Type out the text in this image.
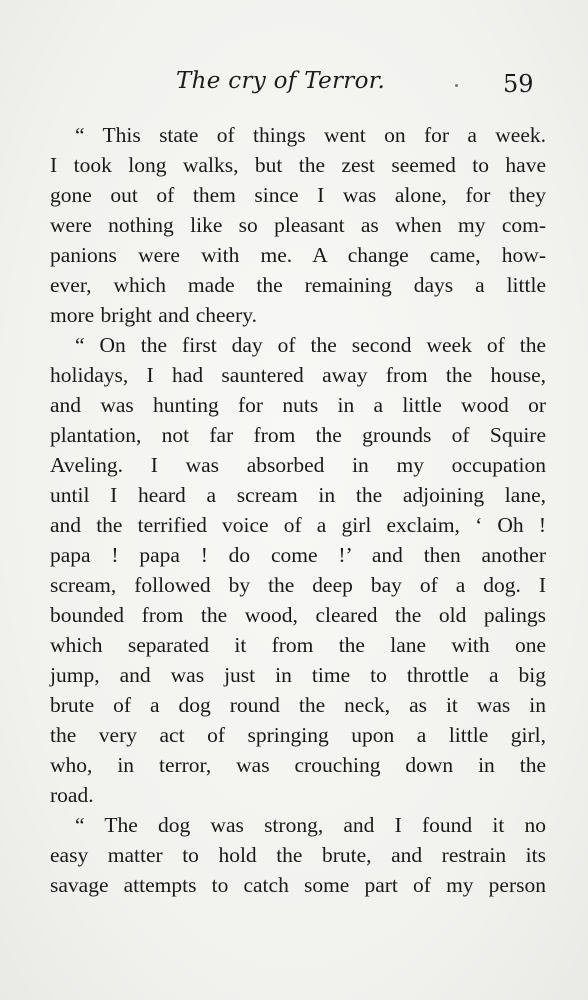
The cry of Terror.	59
“ This state of things went on for a week.
I took long walks, but the zest seemed to have
gone out of them since I was alone, for they
were nothing like so pleasant as when my com-
panions were with me. A change came, how-
ever, which made the remaining days a little
more bright and cheery.
“ On the first day of the second week of the
holidays, I had sauntered away from the house,
and was hunting for nuts in a little wood or
plantation, not far from the grounds of Squire
Aveling. I was absorbed in my occupation
until I heard a scream in the adjoining lane,
and the terrified voice of a girl exclaim, ‘ Oh !
papa ! papa ! do come !’ and then another
scream, followed by the deep bay of a dog. I
bounded from the wood, cleared the old palings
which separated it from the lane with one
jump, and was just in time to throttle a big
brute of a dog round the neck, as it was in
the very act of springing upon a little girl,
who, in terror, was crouching down in the
road.
“ The dog was strong, and I found it no
easy matter to hold the brute, and restrain its
savage attempts to catch some part of my person
